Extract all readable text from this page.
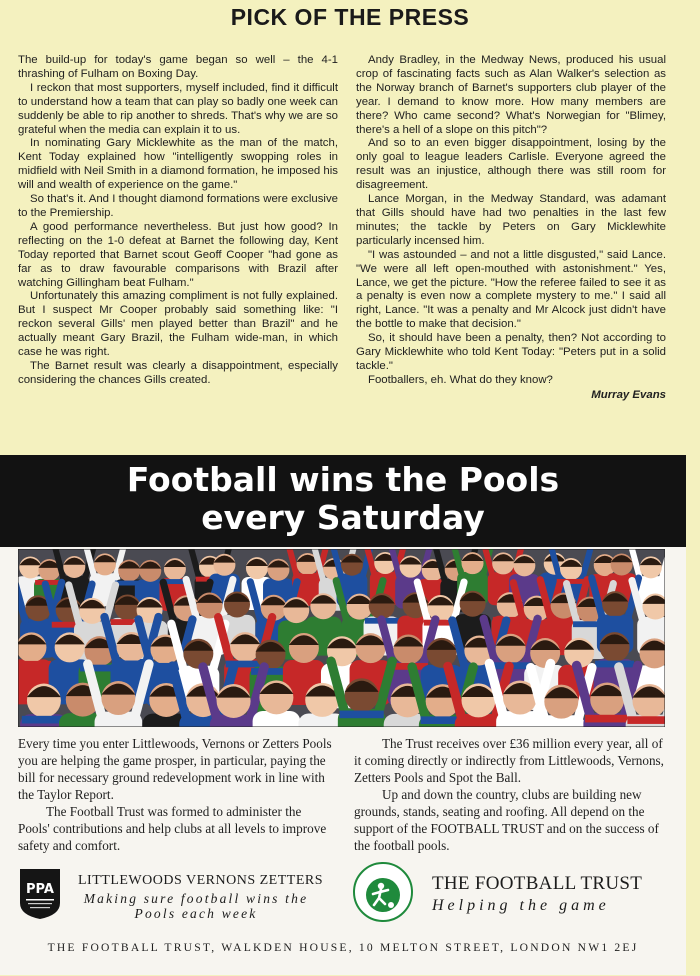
PICK OF THE PRESS

The build-up for today's game began so well – the 4-1 thrashing of Fulham on Boxing Day.

I reckon that most supporters, myself included, find it difficult to understand how a team that can play so badly one week can suddenly be able to rip another to shreds. That's why we are so grateful when the media can explain it to us.

In nominating Gary Micklewhite as the man of the match, Kent Today explained how "intelligently swopping roles in midfield with Neil Smith in a diamond formation, he imposed his will and wealth of experience on the game."

So that's it. And I thought diamond formations were exclusive to the Premiership.

A good performance nevertheless. But just how good? In reflecting on the 1-0 defeat at Barnet the following day, Kent Today reported that Barnet scout Geoff Cooper "had gone as far as to draw favourable comparisons with Brazil after watching Gillingham beat Fulham."

Unfortunately this amazing compliment is not fully explained. But I suspect Mr Cooper probably said something like: "I reckon several Gills' men played better than Brazil" and he actually meant Gary Brazil, the Fulham wide-man, in which case he was right.

The Barnet result was clearly a disappointment, especially considering the chances Gills created.

Andy Bradley, in the Medway News, produced his usual crop of fascinating facts such as Alan Walker's selection as the Norway branch of Barnet's supporters club player of the year. I demand to know more. How many members are there? Who came second? What's Norwegian for "Blimey, there's a hell of a slope on this pitch"?

And so to an even bigger disappointment, losing by the only goal to league leaders Carlisle. Everyone agreed the result was an injustice, although there was still room for disagreement.

Lance Morgan, in the Medway Standard, was adamant that Gills should have had two penalties in the last few minutes; the tackle by Peters on Gary Micklewhite particularly incensed him.

"I was astounded – and not a little disgusted," said Lance. "We were all left open-mouthed with astonishment." Yes, Lance, we get the picture. "How the referee failed to see it as a penalty is even now a complete mystery to me." I said all right, Lance. "It was a penalty and Mr Alcock just didn't have the bottle to make that decision."

So, it should have been a penalty, then? Not according to Gary Micklewhite who told Kent Today: "Peters put in a solid tackle."

Footballers, eh. What do they know?

Murray Evans
Football wins the Pools
every Saturday

Every time you enter Littlewoods, Vernons or Zetters Pools you are helping the game prosper, in particular, paying the bill for necessary ground redevelopment work in line with the Taylor Report.

The Football Trust was formed to administer the Pools' contributions and help clubs at all levels to improve safety and comfort.

The Trust receives over £36 million every year, all of it coming directly or indirectly from Littlewoods, Vernons, Zetters Pools and Spot the Ball.

Up and down the country, clubs are building new grounds, stands, seating and roofing. All depend on the support of the FOOTBALL TRUST and on the success of the football pools.

PPA
LITTLEWOODS VERNONS ZETTERS
Making sure football wins the Pools each week
THE FOOTBALL TRUST
Helping the game
THE FOOTBALL TRUST, WALKDEN HOUSE, 10 MELTON STREET, LONDON NW1 2EJ
